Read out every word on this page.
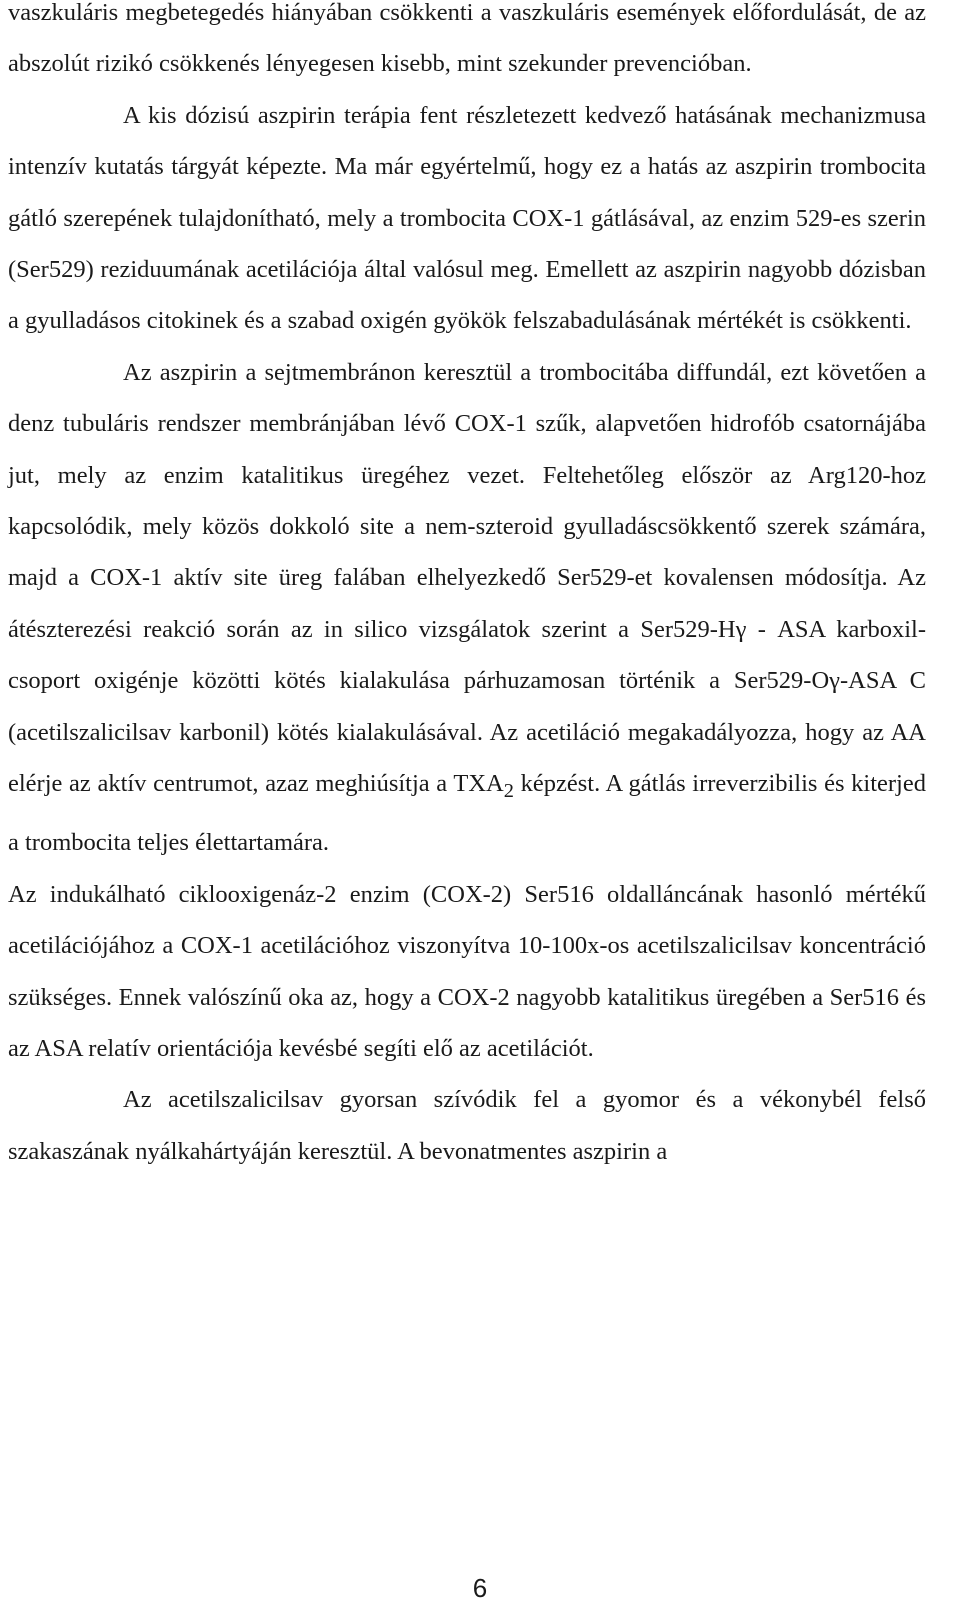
vaszkuláris megbetegedés hiányában csökkenti a vaszkuláris események előfordulását, de az abszolút rizikó csökkenés lényegesen kisebb, mint szekunder prevencióban.

A kis dózisú aszpirin terápia fent részletezett kedvező hatásának mechanizmusa intenzív kutatás tárgyát képezte. Ma már egyértelmű, hogy ez a hatás az aszpirin trombocita gátló szerepének tulajdonítható, mely a trombocita COX-1 gátlásával, az enzim 529-es szerin (Ser529) reziduumának acetilációja által valósul meg. Emellett az aszpirin nagyobb dózisban a gyulladásos citokinek és a szabad oxigén gyökök felszabadulásának mértékét is csökkenti.

Az aszpirin a sejtmembránon keresztül a trombocitába diffundál, ezt követően a denz tubuláris rendszer membránjában lévő COX-1 szűk, alapvetően hidrofób csatornájába jut, mely az enzim katalitikus üregéhez vezet. Feltehetőleg először az Arg120-hoz kapcsolódik, mely közös dokkoló site a nem-szteroid gyulladáscsökkentő szerek számára, majd a COX-1 aktív site üreg falában elhelyezkedő Ser529-et kovalensen módosítja. Az átészterezési reakció során az in silico vizsgálatok szerint a Ser529-Hγ - ASA karboxil-csoport oxigénje közötti kötés kialakulása párhuzamosan történik a Ser529-Oγ-ASA C (acetilszalicilsav karbonil) kötés kialakulásával. Az acetiláció megakadályozza, hogy az AA elérje az aktív centrumot, azaz meghiúsítja a $TXA_2$ képzést. A gátlás irreverzibilis és kiterjed a trombocita teljes élettartamára.

Az indukálható ciklooxigenáz-2 enzim (COX-2) Ser516 oldalláncának hasonló mértékű acetilációjához a COX-1 acetilációhoz viszonyítva 10-100x-os acetilszalicilsav koncentráció szükséges. Ennek valószínű oka az, hogy a COX-2 nagyobb katalitikus üregében a Ser516 és az ASA relatív orientációja kevésbé segíti elő az acetilációt.

Az acetilszalicilsav gyorsan szívódik fel a gyomor és a vékonybél felső szakaszának nyálkahártyáján keresztül. A bevonatmentes aszpirin a

6
